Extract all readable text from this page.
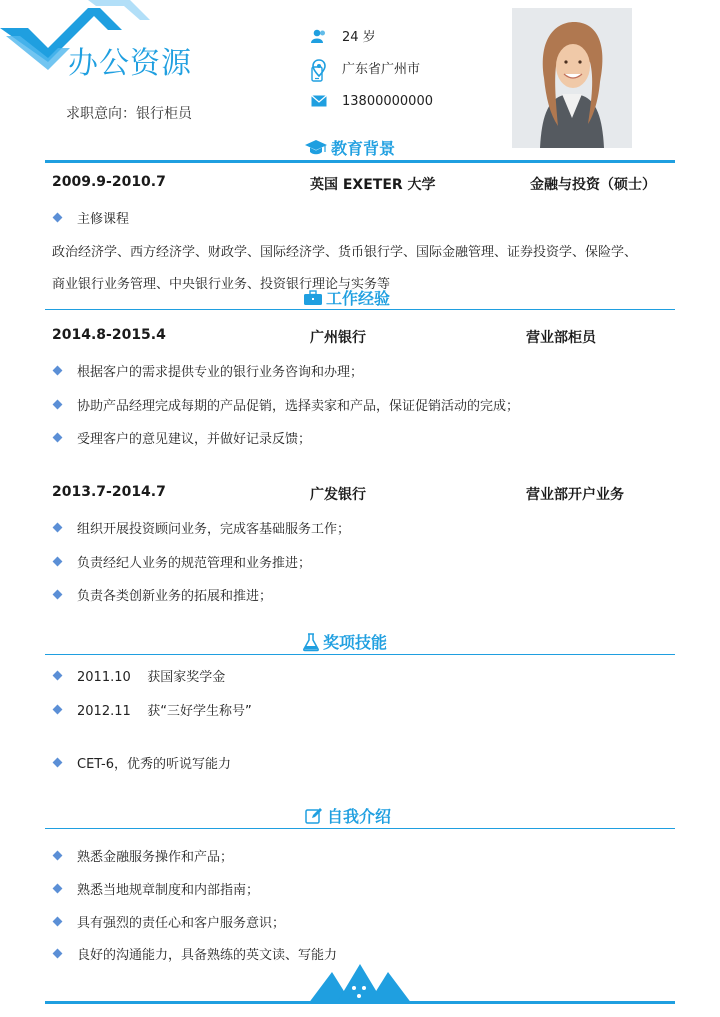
办公资源
求职意向：银行柜员
24 岁
广东省广州市
13800000000
教育背景
2009.9-2010.7	英国 EXETER 大学	金融与投资（硕士）
主修课程
政治经济学、西方经济学、财政学、国际经济学、货币银行学、国际金融管理、证券投资学、保险学、
商业银行业务管理、中央银行业务、投资银行理论与实务等
工作经验
2014.8-2015.4	广州银行	营业部柜员
根据客户的需求提供专业的银行业务咨询和办理；
协助产品经理完成每期的产品促销，选择卖家和产品，保证促销活动的完成；
受理客户的意见建议，并做好记录反馈；
2013.7-2014.7	广发银行	营业部开户业务
组织开展投资顾问业务，完成客基础服务工作；
负责经纪人业务的规范管理和业务推进；
负责各类创新业务的拓展和推进；
奖项技能
2011.10    获国家奖学金
2012.11    获“三好学生称号”
CET-6，优秀的听说写能力
自我介绍
熟悉金融服务操作和产品；
熟悉当地规章制度和内部指南；
具有强烈的责任心和客户服务意识；
良好的沟通能力，具备熟练的英文读、写能力
